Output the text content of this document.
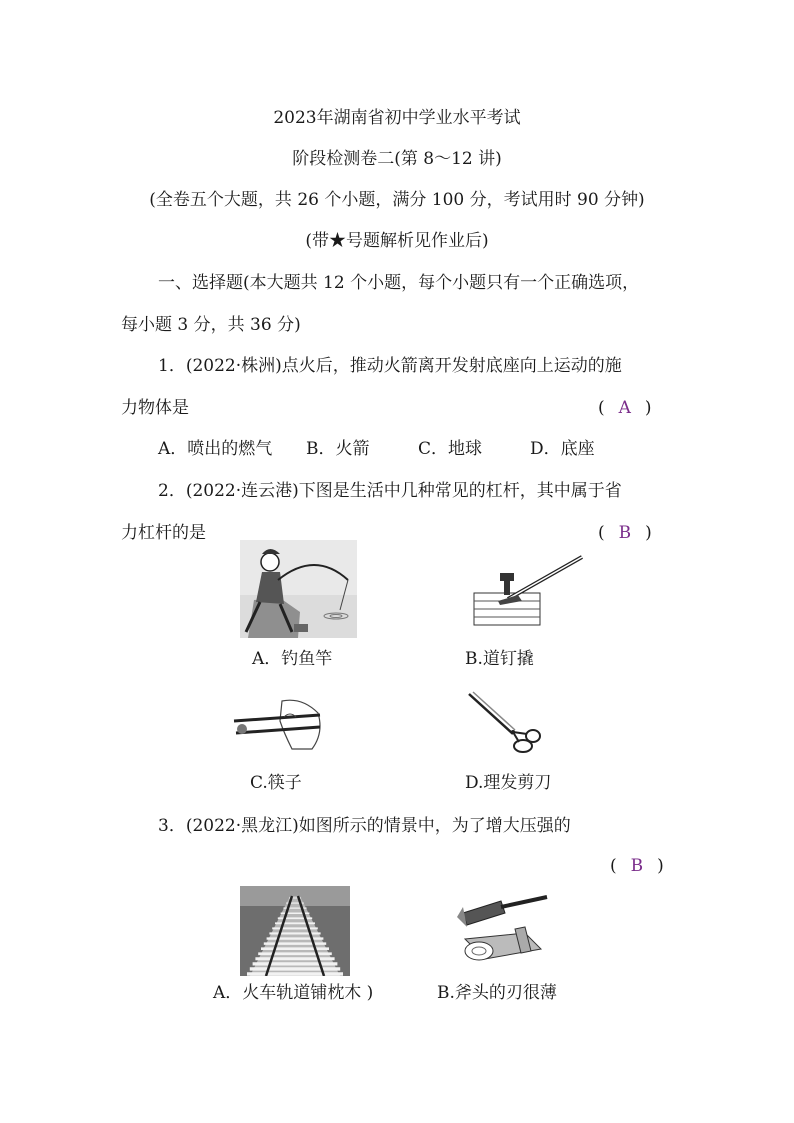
2023年湖南省初中学业水平考试
阶段检测卷二(第 8～12 讲)
(全卷五个大题，共 26 个小题，满分 100 分，考试用时 90 分钟)
(带★号题解析见作业后)
一、选择题(本大题共 12 个小题，每个小题只有一个正确选项，
每小题 3 分，共 36 分)
1．(2022·株洲)点火后，推动火箭离开发射底座向上运动的施
力物体是	( A )
A．喷出的燃气 B．火箭	C．地球	D．底座
2．(2022·连云港)下图是生活中几种常见的杠杆，其中属于省
力杠杆的是	( B )
A．钓鱼竿	B.道钉撬
C.筷子	D.理发剪刀
3．(2022·黑龙江)如图所示的情景中，为了增大压强的
( B )
A．火车轨道铺枕木 )	B.斧头的刃很薄
